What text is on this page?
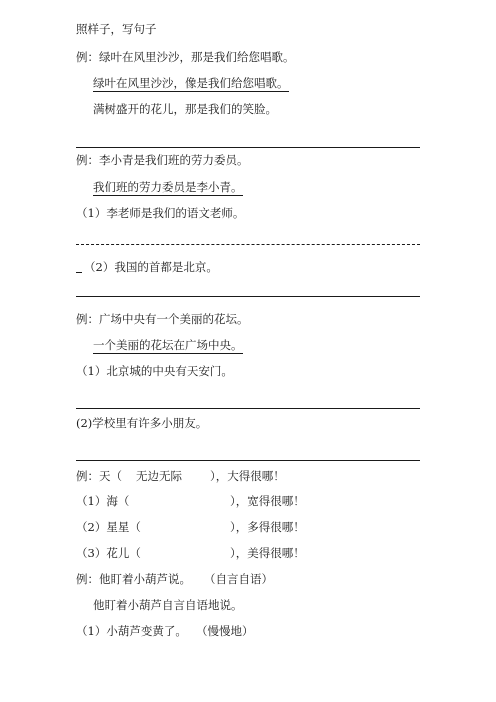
照样子，写句子
例：绿叶在风里沙沙，那是我们给您唱歌。
绿叶在风里沙沙，像是我们给您唱歌。
满树盛开的花儿，那是我们的笑脸。
例：李小青是我们班的劳力委员。
我们班的劳力委员是李小青。
（1）李老师是我们的语文老师。
（2）我国的首都是北京。
例：广场中央有一个美丽的花坛。
一个美丽的花坛在广场中央。
（1）北京城的中央有天安门。
(2)学校里有许多小朋友。
例：天（ 无边无际 ），大得很哪！
（1）海（	），宽得很哪！
（2）星星（	），多得很哪！
（3）花儿（	），美得很哪！
例：他盯着小葫芦说。 （自言自语）
他盯着小葫芦自言自语地说。
（1）小葫芦变黄了。 （慢慢地）
